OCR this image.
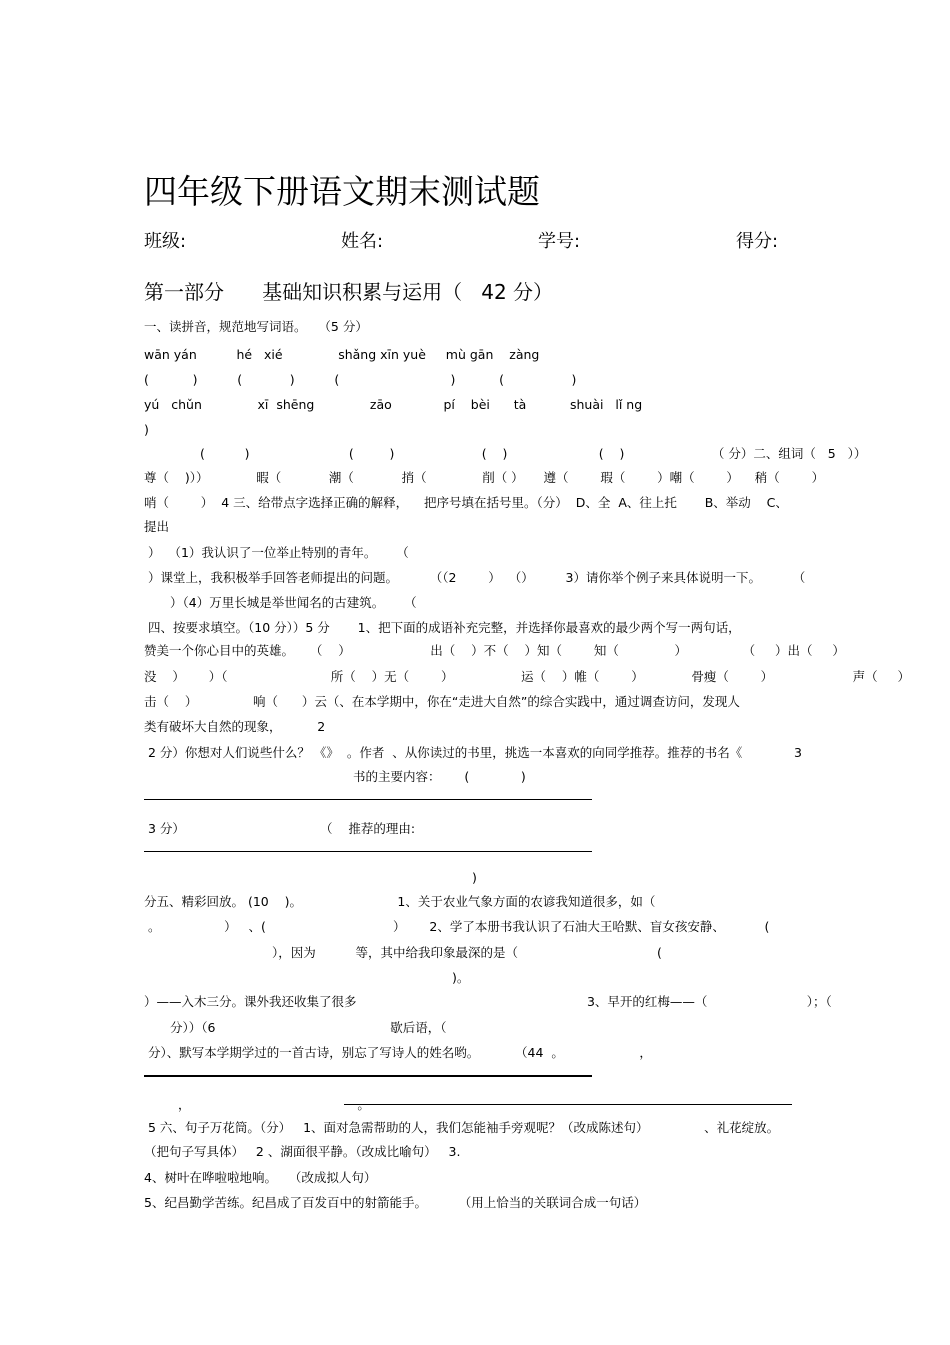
四年级下册语文期末测试题
班级:	姓名:	学号:	得分:
第一部分      基础知识积累与运用（   42 分）
一、读拼音，规范地写词语。   （5 分）
wān yán          hé   xié              shǎng xīn yuè     mù gān    zàng
(           )          (            )          (                            )           (                 )
yú   chǔn              xī  shēng              zāo             pí    bèi      tà           shuài   lǐ ng
)
(          )                         (         )                      (    )                       (    )                      （ 分）二、组词（   5   ））
尊（    )））            暇（            潮（            捎（              削（ ）     遵（        瑕（        ）嘲（        ）    稍（        ）
哨（        ）  4 三、给带点字选择正确的解释，    把序号填在括号里。（分）  D、全  A、往上托       B、举动    C、
提出
）  （1）我认识了一位举止特别的青年。     （
）课堂上，我积极举手回答老师提出的问题。        （（2        ）  （）        3）请你举个例子来具体说明一下。        （
）（4）万里长城是举世闻名的古建筑。     （
四、按要求填空。（10 分））5 分       1、把下面的成语补充完整，并选择你最喜欢的最少两个写一两句话，
赞美一个你心目中的英雄。    （    ）                    出（    ）不（    ）知（        知（              ）              （     ）出（     ）
没    ）      ）（                          所（    ）无（        ）                 运（    ）帷（        ）            骨瘦（        ）                    声（     ）
击（    ）              响（      ）云（、在本学期中，你在“走进大自然”的综合实践中，通过调查访问，发现人
类有破坏大自然的现象，         2
2 分）你想对人们说些什么？ 《》  。作者  、从你读过的书里，挑选一本喜欢的向同学推荐。推荐的书名《             3
书的主要内容：      (             )
3 分）                                  （    推荐的理由:
)
分五、精彩回放。 (10    )。                        1、关于农业气象方面的农谚我知道很多，如（
。                ）   、(                                ）      2、学了本册书我认识了石油大王哈默、盲女孩安静、          (
），因为          等，其中给我印象最深的是（                                   (
)。
）——入木三分。课外我还收集了很多                                                          3、早开的红梅——（                         ）；（
分））（6                                            歇后语，（
分）、默写本学期学过的一首古诗，别忘了写诗人的姓名哟。         （44  。                   ，
，                                          。
5 六、句子万花筒。（分）   1、面对急需帮助的人，我们怎能袖手旁观呢？（改成陈述句）              、礼花绽放。
（把句子写具体）   2 、湖面很平静。（改成比喻句）   3.
4、树叶在哗啦啦地响。   （改成拟人句）
5、纪昌勤学苦练。纪昌成了百发百中的射箭能手。        （用上恰当的关联词合成一句话）
